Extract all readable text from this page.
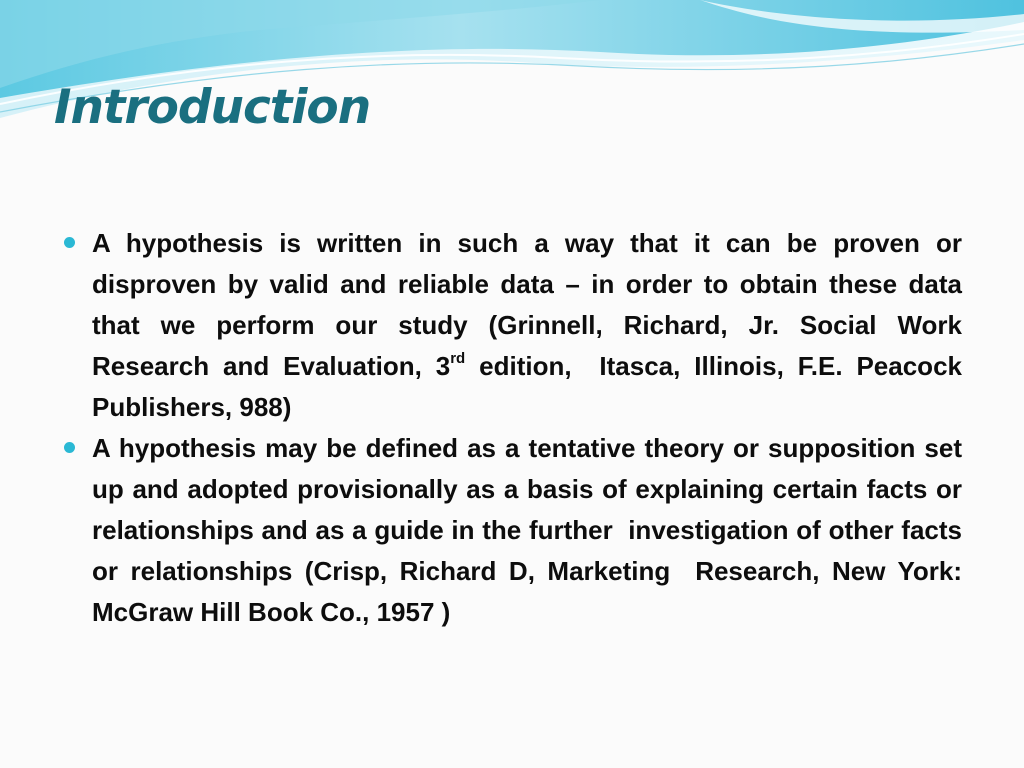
Introduction

A hypothesis is written in such a way that it can be proven or disproven by valid and reliable data – in order to obtain these data that we perform our study (Grinnell, Richard, Jr. Social Work Research and Evaluation, 3rd edition,  Itasca, Illinois, F.E. Peacock Publishers, 988)

A hypothesis may be defined as a tentative theory or supposition set up and adopted provisionally as a basis of explaining certain facts or relationships and as a guide in the further  investigation of other facts or relationships (Crisp, Richard D, Marketing  Research, New York: McGraw Hill Book Co., 1957 )
